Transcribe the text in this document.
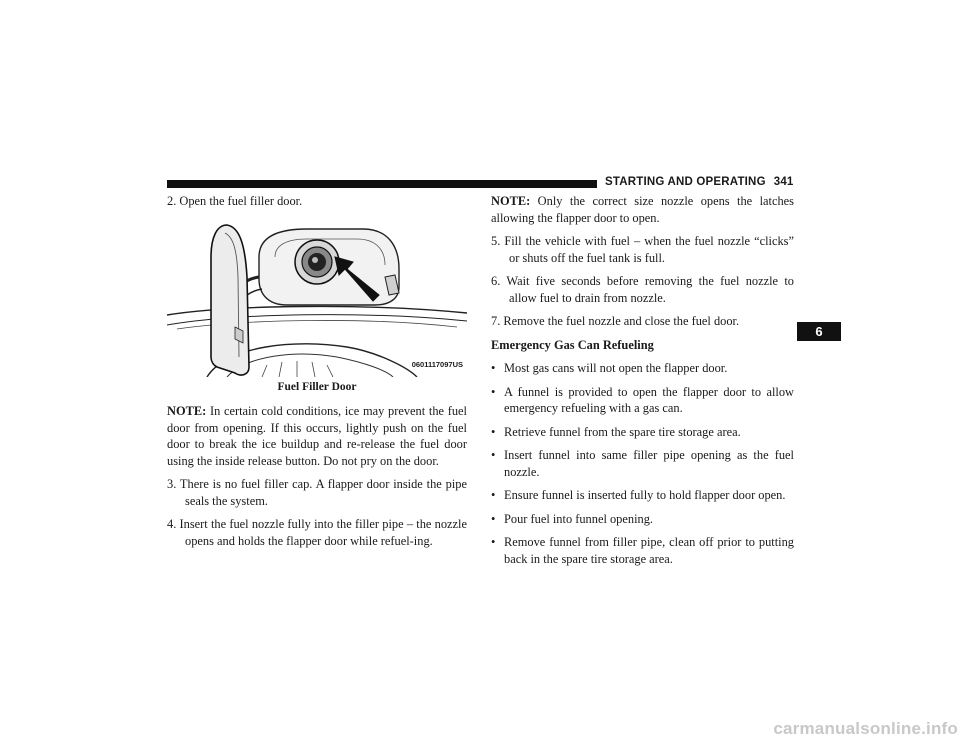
STARTING AND OPERATING 341
6

2. Open the fuel filler door.

0601117097US
Fuel Filler Door

NOTE: In certain cold conditions, ice may prevent the fuel door from opening. If this occurs, lightly push on the fuel door to break the ice buildup and re-release the fuel door using the inside release button. Do not pry on the door.

3. There is no fuel filler cap. A flapper door inside the pipe seals the system.

4. Insert the fuel nozzle fully into the filler pipe – the nozzle opens and holds the flapper door while refuel-ing.

NOTE: Only the correct size nozzle opens the latches allowing the flapper door to open.

5. Fill the vehicle with fuel – when the fuel nozzle “clicks” or shuts off the fuel tank is full.

6. Wait five seconds before removing the fuel nozzle to allow fuel to drain from nozzle.

7. Remove the fuel nozzle and close the fuel door.

Emergency Gas Can Refueling

• Most gas cans will not open the flapper door.
• A funnel is provided to open the flapper door to allow emergency refueling with a gas can.
• Retrieve funnel from the spare tire storage area.
• Insert funnel into same filler pipe opening as the fuel nozzle.
• Ensure funnel is inserted fully to hold flapper door open.
• Pour fuel into funnel opening.
• Remove funnel from filler pipe, clean off prior to putting back in the spare tire storage area.
carmanualsonline.info
